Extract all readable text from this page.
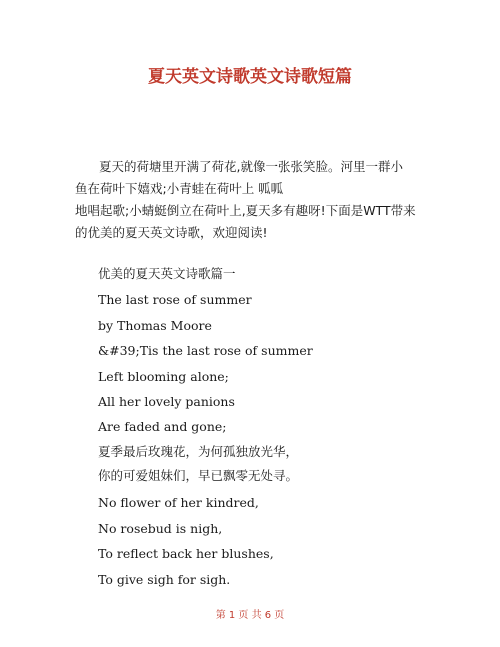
夏天英文诗歌英文诗歌短篇
夏天的荷塘里开满了荷花,就像一张张笑脸。河里一群小
鱼在荷叶下嬉戏;小青蛙在荷叶上 呱呱
地唱起歌;小蜻蜓倒立在荷叶上,夏天多有趣呀!下面是WTT带来
的优美的夏天英文诗歌，欢迎阅读!
优美的夏天英文诗歌篇一
The last rose of summer
by Thomas Moore
&#39;Tis the last rose of summer
Left blooming alone;
All her lovely panions
Are faded and gone;
夏季最后玫瑰花，为何孤独放光华，
你的可爱姐妹们，早已飘零无处寻。
No flower of her kindred,
No rosebud is nigh,
To reflect back her blushes,
To give sigh for sigh.
第 1 页 共 6 页
